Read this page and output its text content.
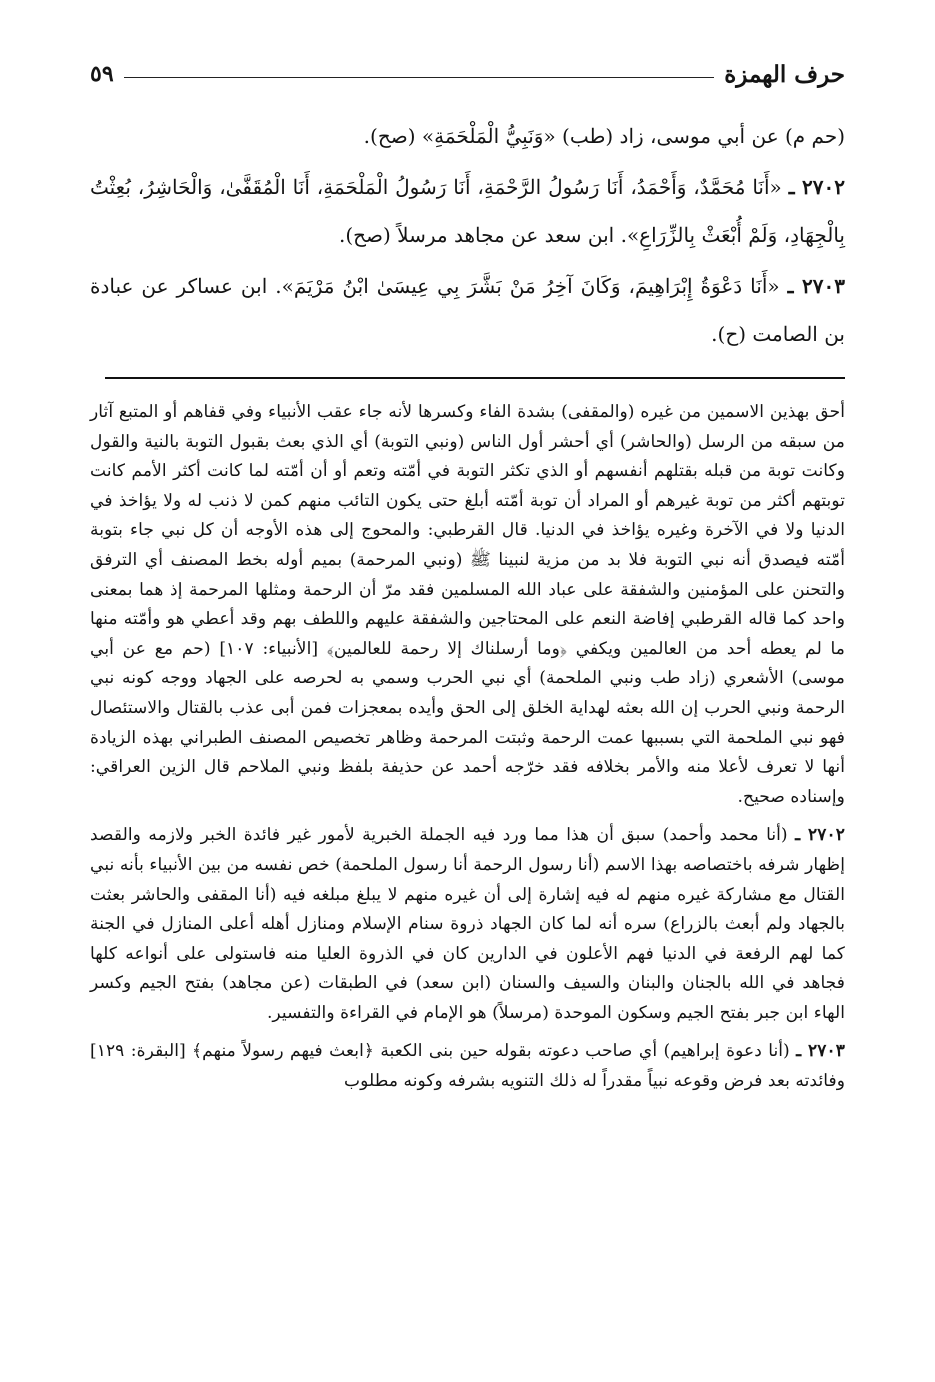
٥٩	حرف الهمزة

(حم م) عن أبي موسى، زاد (طب) «وَنَبِيُّ الْمَلْحَمَةِ» (صح).

٢٧٠٢ ـ «أَنَا مُحَمَّدٌ، وَأَحْمَدُ، أَنَا رَسُولُ الرَّحْمَةِ، أَنَا رَسُولُ الْمَلْحَمَةِ، أَنَا الْمُقَفَّىٰ، وَالْحَاشِرُ، بُعِثْتُ بِالْجِهَادِ، وَلَمْ أُبْعَثْ بِالزِّرَاعِ». ابن سعد عن مجاهد مرسلاً (صح).

٢٧٠٣ ـ «أَنَا دَعْوَةُ إِبْرَاهِيمَ، وَكَانَ آخِرُ مَنْ بَشَّرَ بِي عِيسَىٰ ابْنُ مَرْيَمَ». ابن عساكر عن عبادة بن الصامت (ح).

أحق بهذين الاسمين من غيره (والمقفى) بشدة الفاء وكسرها لأنه جاء عقب الأنبياء وفي قفاهم أو المتبع آثار من سبقه من الرسل (والحاشر) أي أحشر أول الناس (ونبي التوبة) أي الذي بعث بقبول التوبة بالنية والقول وكانت توبة من قبله بقتلهم أنفسهم أو الذي تكثر التوبة في أمّته وتعم أو أن أمّته لما كانت أكثر الأمم كانت توبتهم أكثر من توبة غيرهم أو المراد أن توبة أمّته أبلغ حتى يكون التائب منهم كمن لا ذنب له ولا يؤاخذ في الدنيا ولا في الآخرة وغيره يؤاخذ في الدنيا. قال القرطبي: والمحوج إلى هذه الأوجه أن كل نبي جاء بتوبة أمّته فيصدق أنه نبي التوبة فلا بد من مزية لنبينا ﷺ (ونبي المرحمة) بميم أوله بخط المصنف أي الترفق والتحنن على المؤمنين والشفقة على عباد الله المسلمين فقد مرّ أن الرحمة ومثلها المرحمة إذ هما بمعنى واحد كما قاله القرطبي إفاضة النعم على المحتاجين والشفقة عليهم واللطف بهم وقد أعطي هو وأمّته منها ما لم يعطه أحد من العالمين ويكفي ﴿وما أرسلناك إلا رحمة للعالمين﴾ [الأنبياء: ١٠٧] (حم مع عن أبي موسى) الأشعري (زاد طب ونبي الملحمة) أي نبي الحرب وسمي به لحرصه على الجهاد ووجه كونه نبي الرحمة ونبي الحرب إن الله بعثه لهداية الخلق إلى الحق وأيده بمعجزات فمن أبى عذب بالقتال والاستئصال فهو نبي الملحمة التي بسببها عمت الرحمة وثبتت المرحمة وظاهر تخصيص المصنف الطبراني بهذه الزيادة أنها لا تعرف لأعلا منه والأمر بخلافه فقد خرّجه أحمد عن حذيفة بلفظ ونبي الملاحم قال الزين العراقي: وإسناده صحيح.

٢٧٠٢ ـ (أنا محمد وأحمد) سبق أن هذا مما ورد فيه الجملة الخبرية لأمور غير فائدة الخبر ولازمه والقصد إظهار شرفه باختصاصه بهذا الاسم (أنا رسول الرحمة أنا رسول الملحمة) خص نفسه من بين الأنبياء بأنه نبي القتال مع مشاركة غيره منهم له فيه إشارة إلى أن غيره منهم لا يبلغ مبلغه فيه (أنا المقفى والحاشر بعثت بالجهاد ولم أبعث بالزراع) سره أنه لما كان الجهاد ذروة سنام الإسلام ومنازل أهله أعلى المنازل في الجنة كما لهم الرفعة في الدنيا فهم الأعلون في الدارين كان في الذروة العليا منه فاستولى على أنواعه كلها فجاهد في الله بالجنان والبنان والسيف والسنان (ابن سعد) في الطبقات (عن مجاهد) بفتح الجيم وكسر الهاء ابن جبر بفتح الجيم وسكون الموحدة (مرسلاً) هو الإمام في القراءة والتفسير.

٢٧٠٣ ـ (أنا دعوة إبراهيم) أي صاحب دعوته بقوله حين بنى الكعبة ﴿ابعث فيهم رسولاً منهم﴾ [البقرة: ١٢٩] وفائدته بعد فرض وقوعه نبياً مقدراً له ذلك التنويه بشرفه وكونه مطلوب
